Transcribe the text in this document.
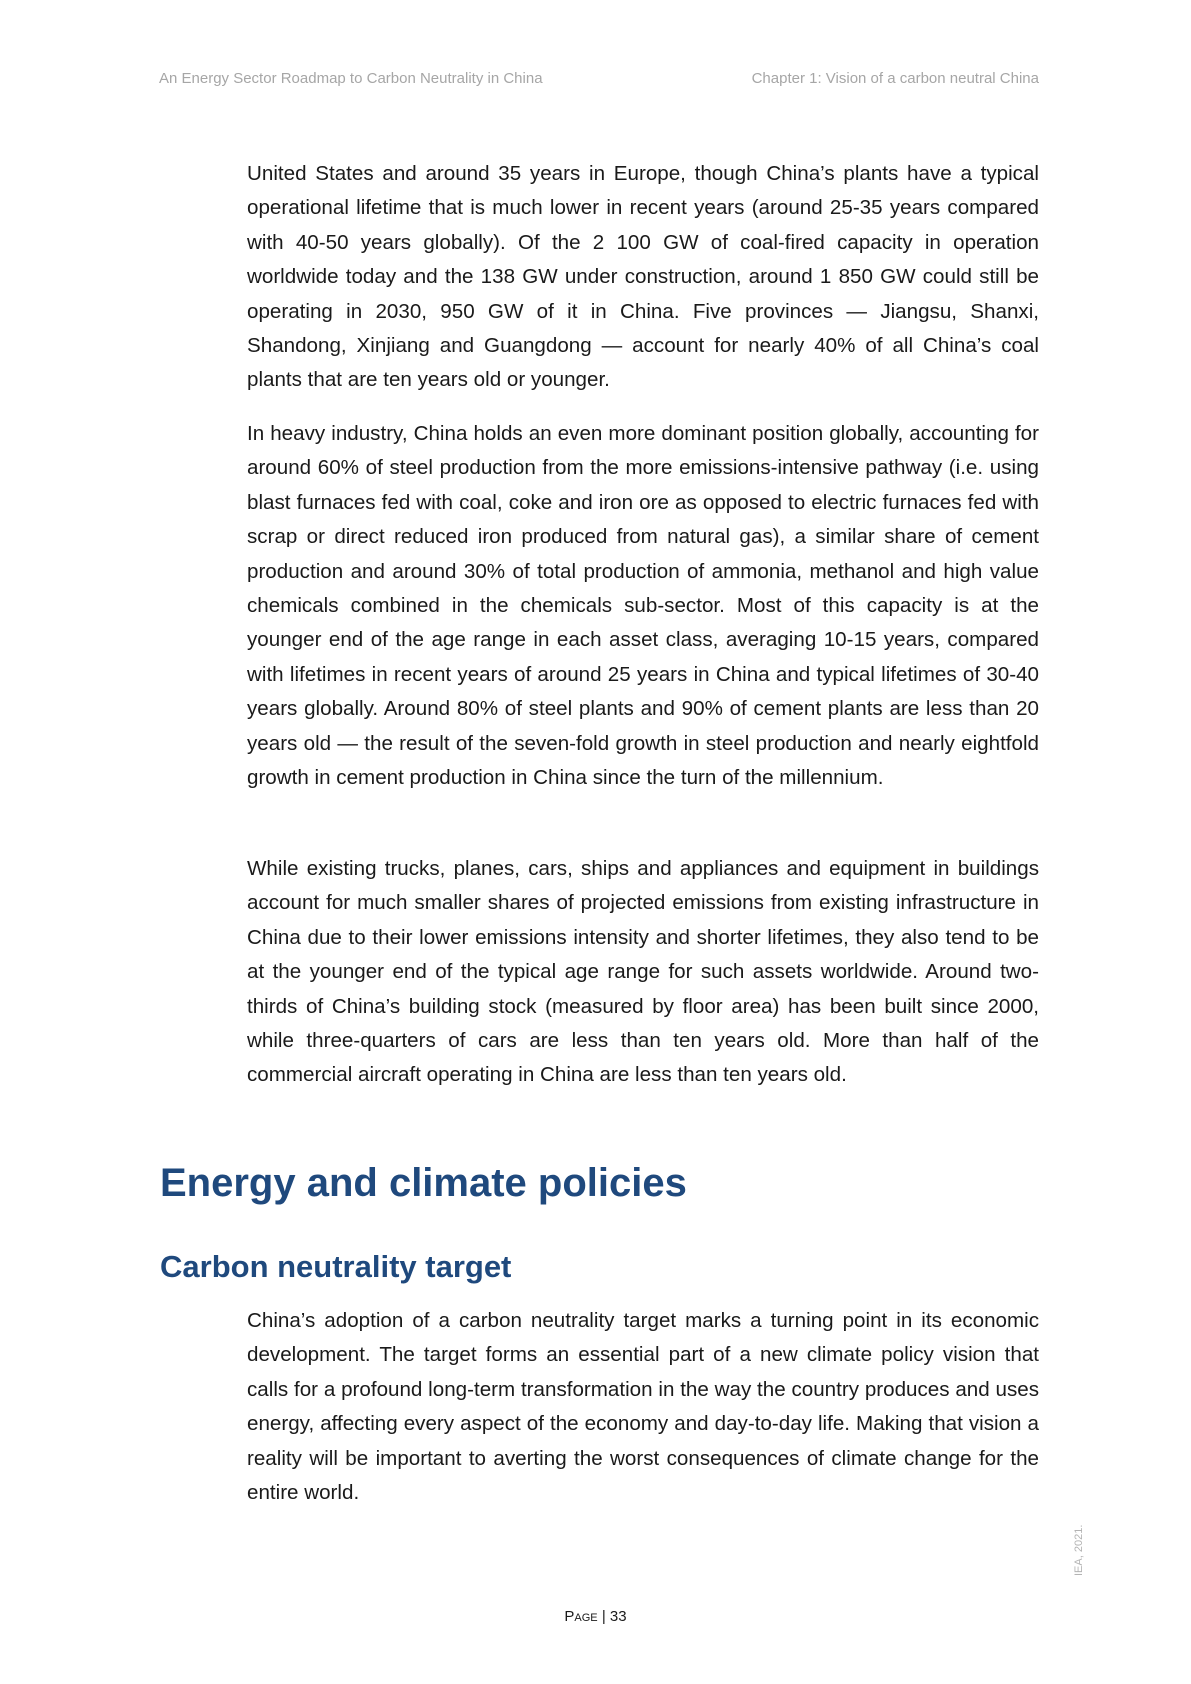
An Energy Sector Roadmap to Carbon Neutrality in China	Chapter 1: Vision of a carbon neutral China

United States and around 35 years in Europe, though China’s plants have a typical operational lifetime that is much lower in recent years (around 25-35 years compared with 40-50 years globally). Of the 2 100 GW of coal-fired capacity in operation worldwide today and the 138 GW under construction, around 1 850 GW could still be operating in 2030, 950 GW of it in China. Five provinces — Jiangsu, Shanxi, Shandong, Xinjiang and Guangdong — account for nearly 40% of all China’s coal plants that are ten years old or younger.

In heavy industry, China holds an even more dominant position globally, accounting for around 60% of steel production from the more emissions-intensive pathway (i.e. using blast furnaces fed with coal, coke and iron ore as opposed to electric furnaces fed with scrap or direct reduced iron produced from natural gas), a similar share of cement production and around 30% of total production of ammonia, methanol and high value chemicals combined in the chemicals sub-sector. Most of this capacity is at the younger end of the age range in each asset class, averaging 10-15 years, compared with lifetimes in recent years of around 25 years in China and typical lifetimes of 30-40 years globally. Around 80% of steel plants and 90% of cement plants are less than 20 years old — the result of the seven-fold growth in steel production and nearly eightfold growth in cement production in China since the turn of the millennium.

While existing trucks, planes, cars, ships and appliances and equipment in buildings account for much smaller shares of projected emissions from existing infrastructure in China due to their lower emissions intensity and shorter lifetimes, they also tend to be at the younger end of the typical age range for such assets worldwide. Around two-thirds of China’s building stock (measured by floor area) has been built since 2000, while three-quarters of cars are less than ten years old. More than half of the commercial aircraft operating in China are less than ten years old.

Energy and climate policies
Carbon neutrality target

China’s adoption of a carbon neutrality target marks a turning point in its economic development. The target forms an essential part of a new climate policy vision that calls for a profound long-term transformation in the way the country produces and uses energy, affecting every aspect of the economy and day-to-day life. Making that vision a reality will be important to averting the worst consequences of climate change for the entire world.

Page | 33
IEA, 2021.
